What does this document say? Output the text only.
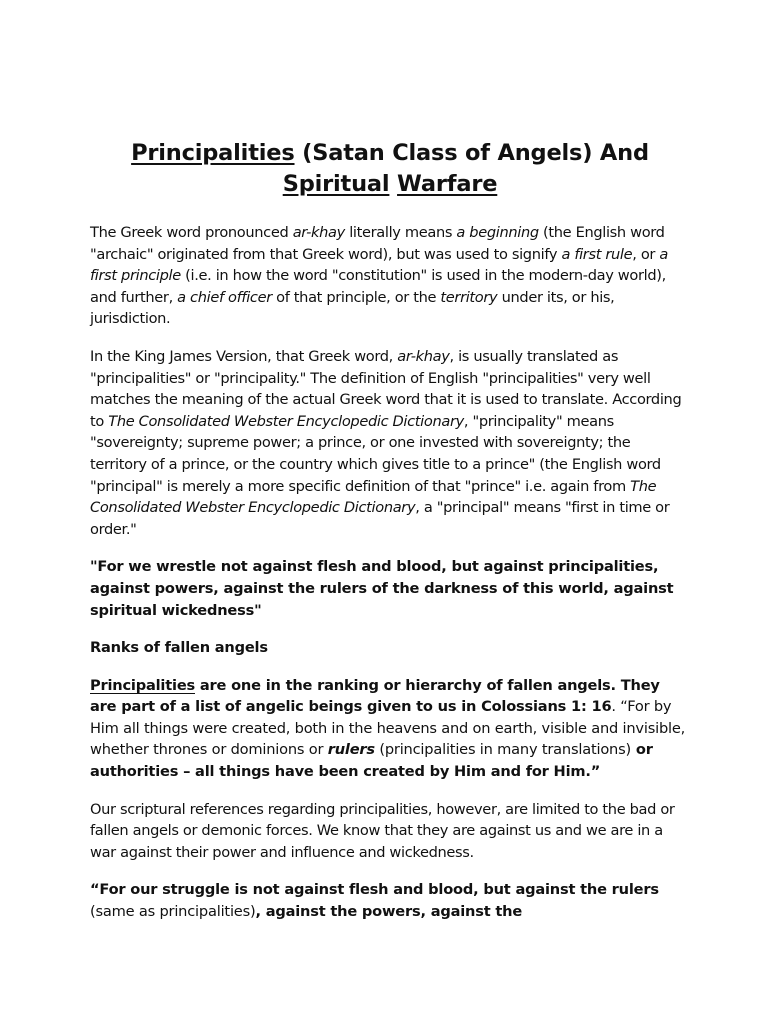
Principalities (Satan Class of Angels) And
Spiritual Warfare

The Greek word pronounced ar-khay literally means a beginning (the English word "archaic" originated from that Greek word), but was used to signify a first rule, or a first principle (i.e. in how the word "constitution" is used in the modern-day world), and further, a chief officer of that principle, or the territory under its, or his, jurisdiction.

In the King James Version, that Greek word, ar-khay, is usually translated as "principalities" or "principality." The definition of English "principalities" very well matches the meaning of the actual Greek word that it is used to translate. According to The Consolidated Webster Encyclopedic Dictionary, "principality" means "sovereignty; supreme power; a prince, or one invested with sovereignty; the territory of a prince, or the country which gives title to a prince" (the English word "principal" is merely a more specific definition of that "prince" i.e. again from The Consolidated Webster Encyclopedic Dictionary, a "principal" means "first in time or order."

"For we wrestle not against flesh and blood, but against principalities, against powers, against the rulers of the darkness of this world, against spiritual wickedness"

Ranks of fallen angels

Principalities are one in the ranking or hierarchy of fallen angels. They are part of a list of angelic beings given to us in Colossians 1: 16. “For by Him all things were created, both in the heavens and on earth, visible and invisible, whether thrones or dominions or rulers (principalities in many translations) or authorities – all things have been created by Him and for Him.”

Our scriptural references regarding principalities, however, are limited to the bad or fallen angels or demonic forces. We know that they are against us and we are in a war against their power and influence and wickedness.

“For our struggle is not against flesh and blood, but against the rulers (same as principalities), against the powers, against the
